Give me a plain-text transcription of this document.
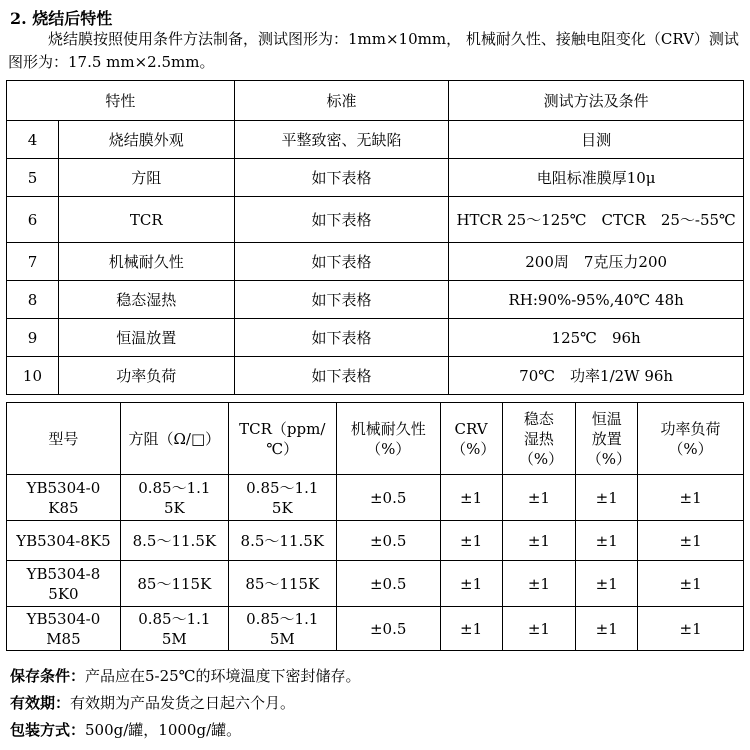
2. 烧结后特性
烧结膜按照使用条件方法制备，测试图形为：1mm×10mm， 机械耐久性、接触电阻变化（CRV）测试图形为：17.5 mm×2.5mm。
特性		标准	测试方法及条件
4	烧结膜外观	平整致密、无缺陷	目测
5	方阻	如下表格	电阻标准膜厚10μ
6	TCR	如下表格	HTCR 25～125℃　CTCR　25～-55℃
7	机械耐久性	如下表格	200周　7克压力200
8	稳态湿热	如下表格	RH:90%-95%,40℃ 48h
9	恒温放置	如下表格	125℃　96h
10	功率负荷	如下表格	70℃　功率1/2W 96h
型号	方阻（Ω/□）	TCR（ppm/℃）	机械耐久性（%）	CRV（%）	稳态湿热（%）	恒温放置（%）	功率负荷（%）
YB5304-0K85	0.85～1.15K	0.85～1.15K	±0.5	±1	±1	±1	±1
YB5304-8K5	8.5～11.5K	8.5～11.5K	±0.5	±1	±1	±1	±1
YB5304-85K0	85～115K	85～115K	±0.5	±1	±1	±1	±1
YB5304-0M85	0.85～1.15M	0.85～1.15M	±0.5	±1	±1	±1	±1
保存条件：产品应在5-25℃的环境温度下密封储存。
有效期：有效期为产品发货之日起六个月。
包装方式：500g/罐，1000g/罐。
